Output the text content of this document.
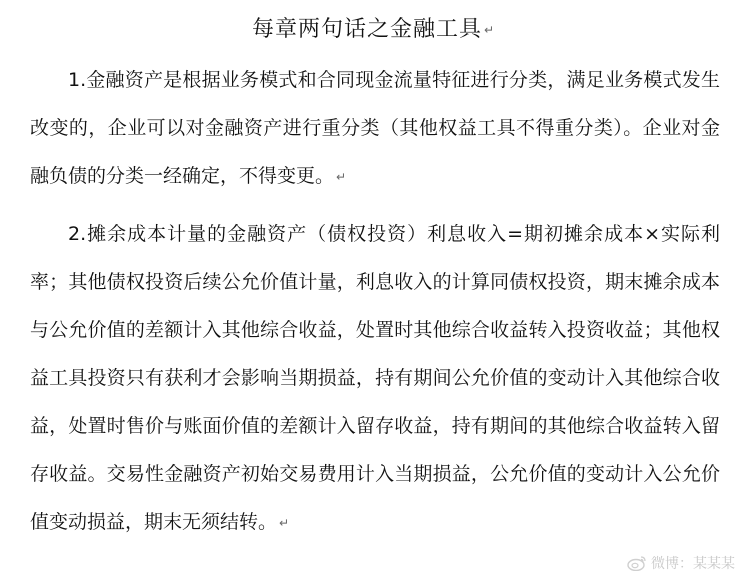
每章两句话之金融工具 ↵

1.金融资产是根据业务模式和合同现金流量特征进行分类，满足业务模式发生改变的，企业可以对金融资产进行重分类（其他权益工具不得重分类）。企业对金融负债的分类一经确定，不得变更。 ↵

2.摊余成本计量的金融资产（债权投资）利息收入=期初摊余成本×实际利率；其他债权投资后续公允价值计量，利息收入的计算同债权投资，期末摊余成本与公允价值的差额计入其他综合收益，处置时其他综合收益转入投资收益；其他权益工具投资只有获利才会影响当期损益，持有期间公允价值的变动计入其他综合收益，处置时售价与账面价值的差额计入留存收益，持有期间的其他综合收益转入留存收益。交易性金融资产初始交易费用计入当期损益，公允价值的变动计入公允价值变动损益，期末无须结转。 ↵

微博：某某某
